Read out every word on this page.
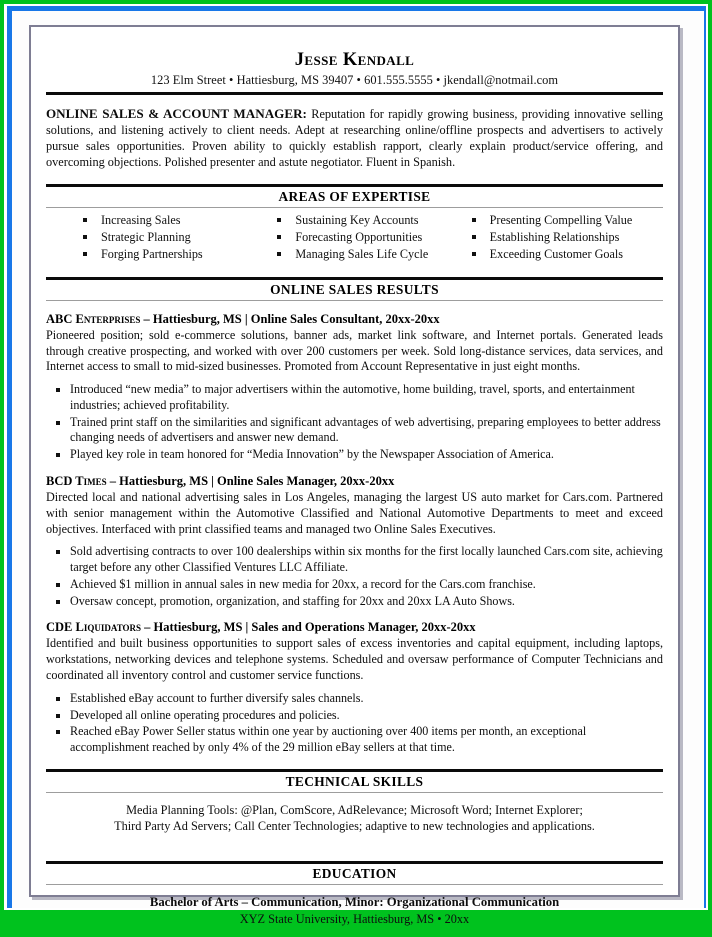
Jesse Kendall
123 Elm Street • Hattiesburg, MS 39407 • 601.555.5555 • jkendall@notmail.com

ONLINE SALES & ACCOUNT MANAGER: Reputation for rapidly growing business, providing innovative selling solutions, and listening actively to client needs. Adept at researching online/offline prospects and advertisers to actively pursue sales opportunities. Proven ability to quickly establish rapport, clearly explain product/service offering, and overcoming objections. Polished presenter and astute negotiator. Fluent in Spanish.

AREAS OF EXPERTISE
Increasing Sales	Sustaining Key Accounts	Presenting Compelling Value
Strategic Planning	Forecasting Opportunities	Establishing Relationships
Forging Partnerships	Managing Sales Life Cycle	Exceeding Customer Goals
ONLINE SALES RESULTS
ABC Enterprises – Hattiesburg, MS | Online Sales Consultant, 20xx-20xx
Pioneered position; sold e-commerce solutions, banner ads, market link software, and Internet portals. Generated leads through creative prospecting, and worked with over 200 customers per week. Sold long-distance services, data services, and Internet access to small to mid-sized businesses. Promoted from Account Representative in just eight months.
Introduced “new media” to major advertisers within the automotive, home building, travel, sports, and entertainment industries; achieved profitability.
Trained print staff on the similarities and significant advantages of web advertising, preparing employees to better address changing needs of advertisers and answer new demand.
Played key role in team honored for “Media Innovation” by the Newspaper Association of America.
BCD Times – Hattiesburg, MS | Online Sales Manager, 20xx-20xx
Directed local and national advertising sales in Los Angeles, managing the largest US auto market for Cars.com. Partnered with senior management within the Automotive Classified and National Automotive Departments to meet and exceed objectives. Interfaced with print classified teams and managed two Online Sales Executives.
Sold advertising contracts to over 100 dealerships within six months for the first locally launched Cars.com site, achieving target before any other Classified Ventures LLC Affiliate.
Achieved $1 million in annual sales in new media for 20xx, a record for the Cars.com franchise.
Oversaw concept, promotion, organization, and staffing for 20xx and 20xx LA Auto Shows.
CDE Liquidators – Hattiesburg, MS | Sales and Operations Manager, 20xx-20xx
Identified and built business opportunities to support sales of excess inventories and capital equipment, including laptops, workstations, networking devices and telephone systems. Scheduled and oversaw performance of Computer Technicians and coordinated all inventory control and customer service functions.
Established eBay account to further diversify sales channels.
Developed all online operating procedures and policies.
Reached eBay Power Seller status within one year by auctioning over 400 items per month, an exceptional accomplishment reached by only 4% of the 29 million eBay sellers at that time.
TECHNICAL SKILLS
Media Planning Tools: @Plan, ComScore, AdRelevance; Microsoft Word; Internet Explorer;
Third Party Ad Servers; Call Center Technologies; adaptive to new technologies and applications.
EDUCATION
Bachelor of Arts – Communication, Minor: Organizational Communication
XYZ State University, Hattiesburg, MS • 20xx
